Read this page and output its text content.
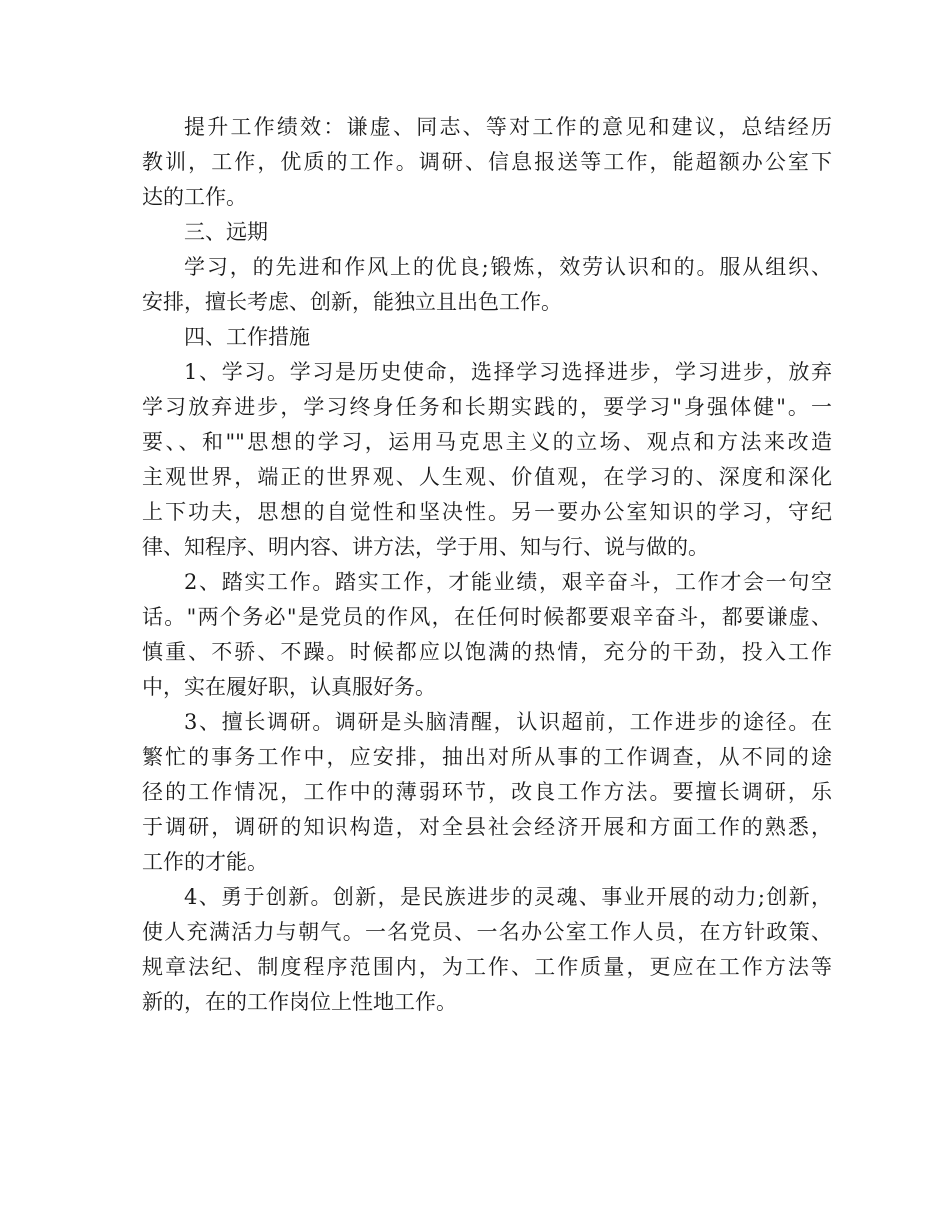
提升工作绩效：谦虚、同志、等对工作的意见和建议，总结经历
教训，工作，优质的工作。调研、信息报送等工作，能超额办公室下
达的工作。
三、远期
学习，的先进和作风上的优良;锻炼，效劳认识和的。服从组织、
安排，擅长考虑、创新，能独立且出色工作。
四、工作措施
1、学习。学习是历史使命，选择学习选择进步，学习进步，放弃
学习放弃进步，学习终身任务和长期实践的，要学习"身强体健"。一
要、、和""思想的学习，运用马克思主义的立场、观点和方法来改造
主观世界，端正的世界观、人生观、价值观，在学习的、深度和深化
上下功夫，思想的自觉性和坚决性。另一要办公室知识的学习，守纪
律、知程序、明内容、讲方法，学于用、知与行、说与做的。
2、踏实工作。踏实工作，才能业绩，艰辛奋斗，工作才会一句空
话。"两个务必"是党员的作风，在任何时候都要艰辛奋斗，都要谦虚、
慎重、不骄、不躁。时候都应以饱满的热情，充分的干劲，投入工作
中，实在履好职，认真服好务。
3、擅长调研。调研是头脑清醒，认识超前，工作进步的途径。在
繁忙的事务工作中，应安排，抽出对所从事的工作调查，从不同的途
径的工作情况，工作中的薄弱环节，改良工作方法。要擅长调研，乐
于调研，调研的知识构造，对全县社会经济开展和方面工作的熟悉，
工作的才能。
4、勇于创新。创新，是民族进步的灵魂、事业开展的动力;创新，
使人充满活力与朝气。一名党员、一名办公室工作人员，在方针政策、
规章法纪、制度程序范围内，为工作、工作质量，更应在工作方法等
新的，在的工作岗位上性地工作。
